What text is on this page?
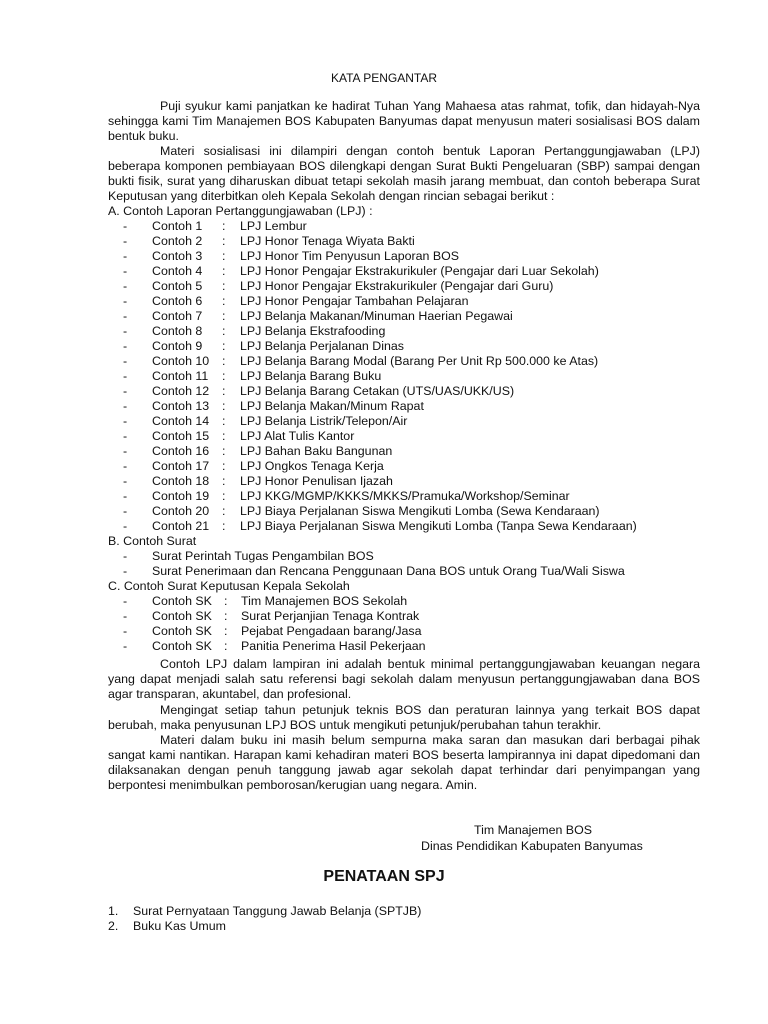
KATA PENGANTAR

Puji syukur kami panjatkan ke hadirat Tuhan Yang Mahaesa atas rahmat, tofik, dan hidayah-Nya sehingga kami Tim Manajemen BOS Kabupaten Banyumas dapat menyusun materi sosialisasi BOS dalam bentuk buku.

Materi sosialisasi ini dilampiri dengan contoh bentuk Laporan Pertanggungjawaban (LPJ) beberapa komponen pembiayaan BOS dilengkapi dengan Surat Bukti Pengeluaran (SBP) sampai dengan bukti fisik, surat yang diharuskan dibuat tetapi sekolah masih jarang membuat, dan contoh beberapa Surat Keputusan yang diterbitkan oleh Kepala Sekolah dengan rincian sebagai berikut :

A. Contoh Laporan Pertanggungjawaban (LPJ) :
- Contoh 1 : LPJ Lembur
- Contoh 2 : LPJ Honor Tenaga Wiyata Bakti
- Contoh 3 : LPJ Honor Tim Penyusun Laporan BOS
- Contoh 4 : LPJ Honor Pengajar Ekstrakurikuler (Pengajar dari Luar Sekolah)
- Contoh 5 : LPJ Honor Pengajar Ekstrakurikuler (Pengajar dari Guru)
- Contoh 6 : LPJ Honor Pengajar Tambahan Pelajaran
- Contoh 7 : LPJ Belanja Makanan/Minuman Haerian Pegawai
- Contoh 8 : LPJ Belanja Ekstrafooding
- Contoh 9 : LPJ Belanja Perjalanan Dinas
- Contoh 10 : LPJ Belanja Barang Modal (Barang Per Unit Rp 500.000 ke Atas)
- Contoh 11 : LPJ Belanja Barang Buku
- Contoh 12 : LPJ Belanja Barang Cetakan (UTS/UAS/UKK/US)
- Contoh 13 : LPJ Belanja Makan/Minum Rapat
- Contoh 14 : LPJ Belanja Listrik/Telepon/Air
- Contoh 15 : LPJ Alat Tulis Kantor
- Contoh 16 : LPJ Bahan Baku Bangunan
- Contoh 17 : LPJ Ongkos Tenaga Kerja
- Contoh 18 : LPJ Honor Penulisan Ijazah
- Contoh 19 : LPJ KKG/MGMP/KKKS/MKKS/Pramuka/Workshop/Seminar
- Contoh 20 : LPJ Biaya Perjalanan Siswa Mengikuti Lomba (Sewa Kendaraan)
- Contoh 21 : LPJ Biaya Perjalanan Siswa Mengikuti Lomba (Tanpa Sewa Kendaraan)
B. Contoh Surat
- Surat Perintah Tugas Pengambilan BOS
- Surat Penerimaan dan Rencana Penggunaan Dana BOS untuk Orang Tua/Wali Siswa
C. Contoh Surat Keputusan Kepala Sekolah
- Contoh SK : Tim Manajemen BOS Sekolah
- Contoh SK : Surat Perjanjian Tenaga Kontrak
- Contoh SK : Pejabat Pengadaan barang/Jasa
- Contoh SK : Panitia Penerima Hasil Pekerjaan

Contoh LPJ dalam lampiran ini adalah bentuk minimal pertanggungjawaban keuangan negara yang dapat menjadi salah satu referensi bagi sekolah dalam menyusun pertanggungjawaban dana BOS agar transparan, akuntabel, dan profesional.

Mengingat setiap tahun petunjuk teknis BOS dan peraturan lainnya yang terkait BOS dapat berubah, maka penyusunan LPJ BOS untuk mengikuti petunjuk/perubahan tahun terakhir.

Materi dalam buku ini masih belum sempurna maka saran dan masukan dari berbagai pihak sangat kami nantikan. Harapan kami kehadiran materi BOS beserta lampirannya ini dapat dipedomani dan dilaksanakan dengan penuh tanggung jawab agar sekolah dapat terhindar dari penyimpangan yang berpontesi menimbulkan pemborosan/kerugian uang negara. Amin.

Tim Manajemen BOS
Dinas Pendidikan Kabupaten Banyumas
PENATAAN SPJ
1. Surat Pernyataan Tanggung Jawab Belanja (SPTJB)
2. Buku Kas Umum
